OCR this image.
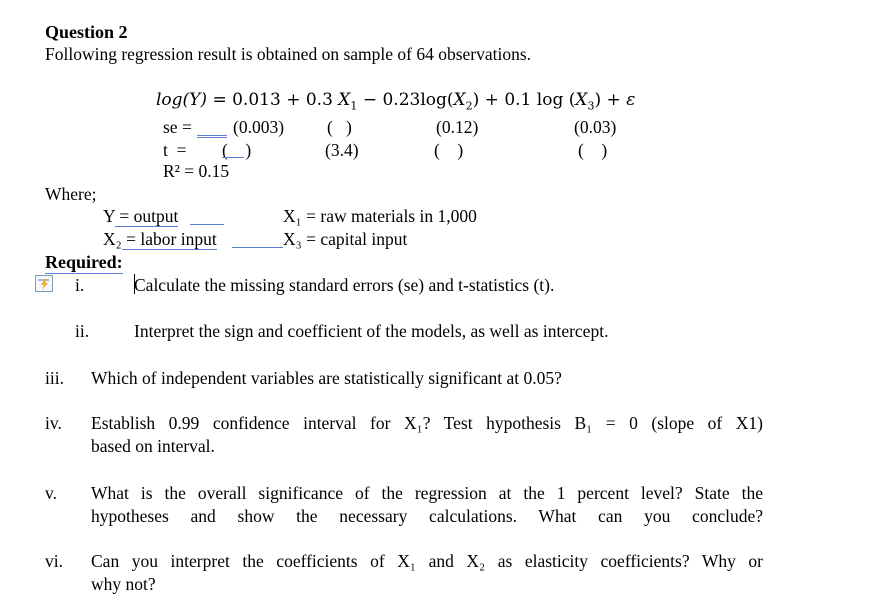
Question 2
Following regression result is obtained on sample of 64 observations.
log(Y) = 0.013 + 0.3 $X_1 - 0.23\log(X_2) + 0.1$ $\log (X_3) + \varepsilon$
se = (0.003) (   )	(0.12)	(0.03)
t  = (    )	(3.4)	(    )	(    )
R² = 0.15
Where;
Y = output	X₁ = raw materials in 1,000
X₂ = labor input	X₃ = capital input
Required:
i.	Calculate the missing standard errors (se) and t-statistics (t).
ii.	Interpret the sign and coefficient of the models, as well as intercept.
iii. Which of independent variables are statistically significant at 0.05?
iv. Establish 0.99 confidence interval for X₁? Test hypothesis B₁ = 0 (slope of X1)
based on interval.
v. What is the overall significance of the regression at the 1 percent level? State the
hypotheses and show the necessary calculations. What can you conclude?
vi. Can you interpret the coefficients of X₁ and X₂ as elasticity coefficients? Why or
why not?
